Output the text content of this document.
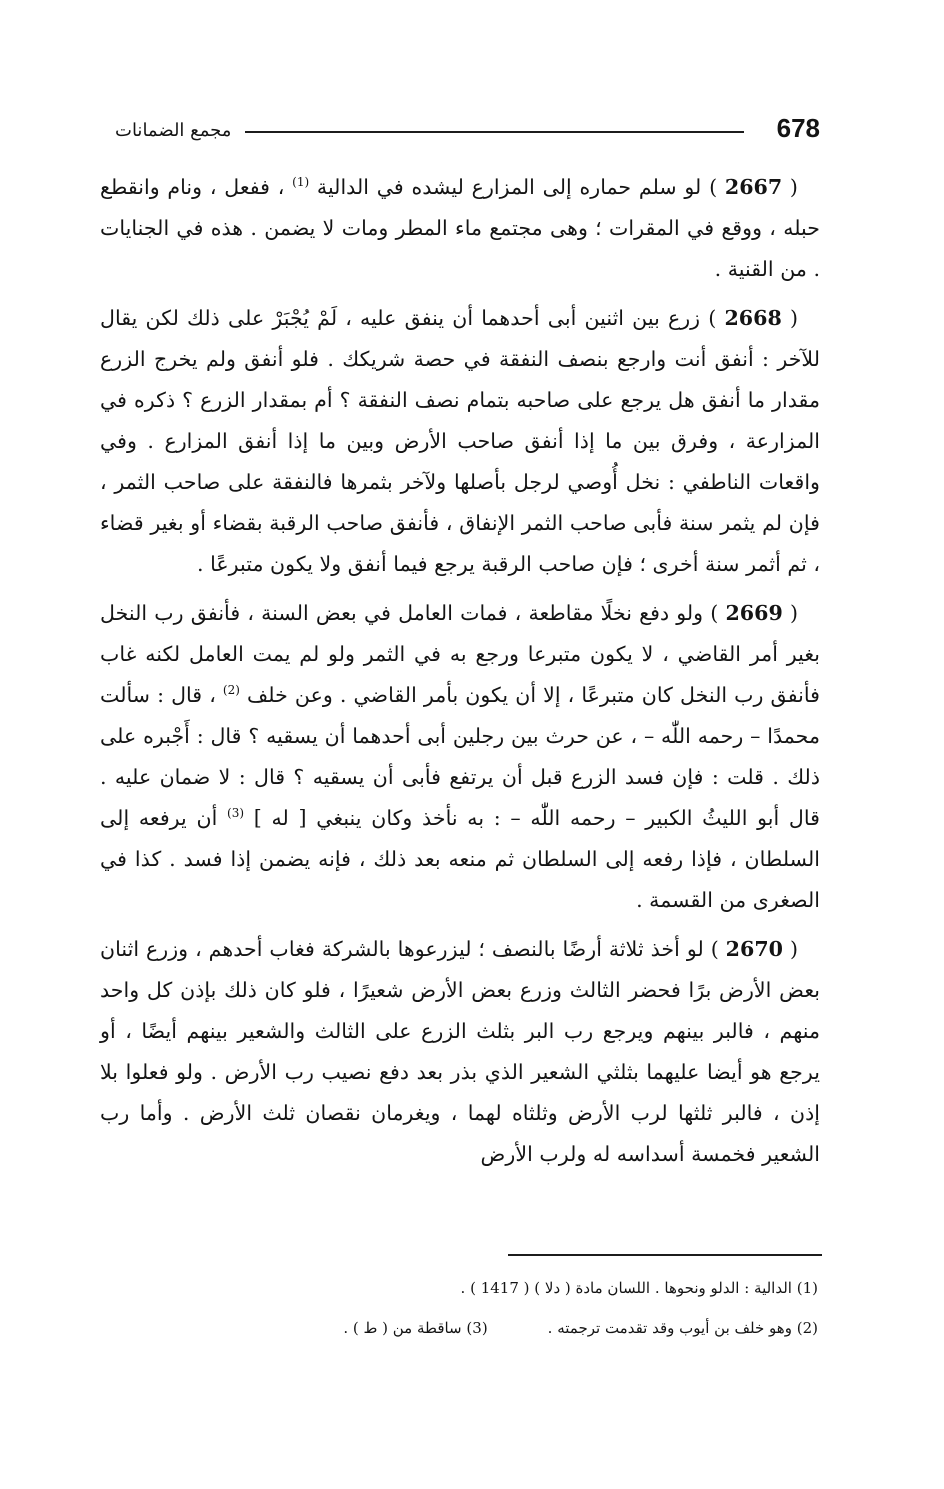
678
مجمع الضمانات

( 2667 ) لو سلم حماره إلى المزارع ليشده في الدالية $^{(1)}$ ، ففعل ، ونام وانقطع حبله ، ووقع في المقرات ؛ وهى مجتمع ماء المطر ومات لا يضمن . هذه في الجنايات . من القنية .

( 2668 ) زرع بين اثنين أبى أحدهما أن ينفق عليه ، لَمْ يُجْبَرْ على ذلك لكن يقال للآخر : أنفق أنت وارجع بنصف النفقة في حصة شريكك . فلو أنفق ولم يخرج الزرع مقدار ما أنفق هل يرجع على صاحبه بتمام نصف النفقة ؟ أم بمقدار الزرع ؟ ذكره في المزارعة ، وفرق بين ما إذا أنفق صاحب الأرض وبين ما إذا أنفق المزارع . وفي واقعات الناطفي : نخل أُوصي لرجل بأصلها ولآخر بثمرها فالنفقة على صاحب الثمر ، فإن لم يثمر سنة فأبى صاحب الثمر الإنفاق ، فأنفق صاحب الرقبة بقضاء أو بغير قضاء ، ثم أثمر سنة أخرى ؛ فإن صاحب الرقبة يرجع فيما أنفق ولا يكون متبرعًا .

( 2669 ) ولو دفع نخلًا مقاطعة ، فمات العامل في بعض السنة ، فأنفق رب النخل بغير أمر القاضي ، لا يكون متبرعا ورجع به في الثمر ولو لم يمت العامل لكنه غاب فأنفق رب النخل كان متبرعًا ، إلا أن يكون بأمر القاضي . وعن خلف $^{(2)}$ ، قال : سألت محمدًا – رحمه اللّٰه – ، عن حرث بين رجلين أبى أحدهما أن يسقيه ؟ قال : أَجْبره على ذلك . قلت : فإن فسد الزرع قبل أن يرتفع فأبى أن يسقيه ؟ قال : لا ضمان عليه . قال أبو الليثُ الكبير – رحمه اللّٰه – : به نأخذ وكان ينبغي [ له ] $^{(3)}$ أن يرفعه إلى السلطان ، فإذا رفعه إلى السلطان ثم منعه بعد ذلك ، فإنه يضمن إذا فسد . كذا في الصغرى من القسمة .

( 2670 ) لو أخذ ثلاثة أرضًا بالنصف ؛ ليزرعوها بالشركة فغاب أحدهم ، وزرع اثنان بعض الأرض برًا فحضر الثالث وزرع بعض الأرض شعيرًا ، فلو كان ذلك بإذن كل واحد منهم ، فالبر بينهم ويرجع رب البر بثلث الزرع على الثالث والشعير بينهم أيضًا ، أو يرجع هو أيضا عليهما بثلثي الشعير الذي بذر بعد دفع نصيب رب الأرض . ولو فعلوا بلا إذن ، فالبر ثلثها لرب الأرض وثلثاه لهما ، ويغرمان نقصان ثلث الأرض . وأما رب الشعير فخمسة أسداسه له ولرب الأرض

(1) الدالية : الدلو ونحوها . اللسان مادة ( دلا ) ( 1417 ) .

(2) وهو خلف بن أيوب وقد تقدمت ترجمته .(3) ساقطة من ( ط ) .
